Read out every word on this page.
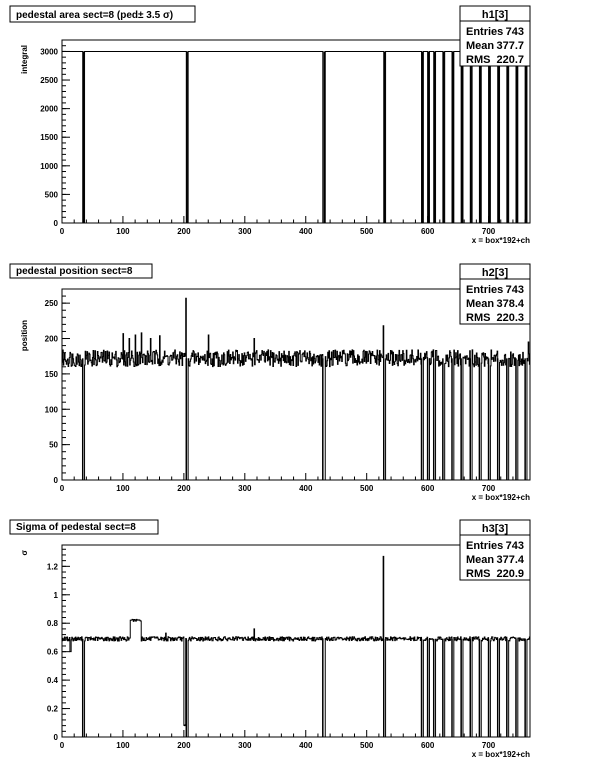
0	100	200	300	400	500	600	700
0
500
1000
1500
2000
2500
3000
x = box*192+ch
integral
pedestal area sect=8 (ped± 3.5 σ)	h1[3]
Entries 743
Mean 377.7
RMS 220.7
0	100	200	300	400	500	600	700
0
50
100
150
200
250
x = box*192+ch
position
pedestal position sect=8	h2[3]
Entries 743
Mean 378.4
RMS 220.3
0	100	200	300	400	500	600	700
0
0.2
0.4
0.6
0.8
1
1.2
x = box*192+ch
σ
Sigma of pedestal sect=8	h3[3]
Entries 743
Mean 377.4
RMS 220.9
